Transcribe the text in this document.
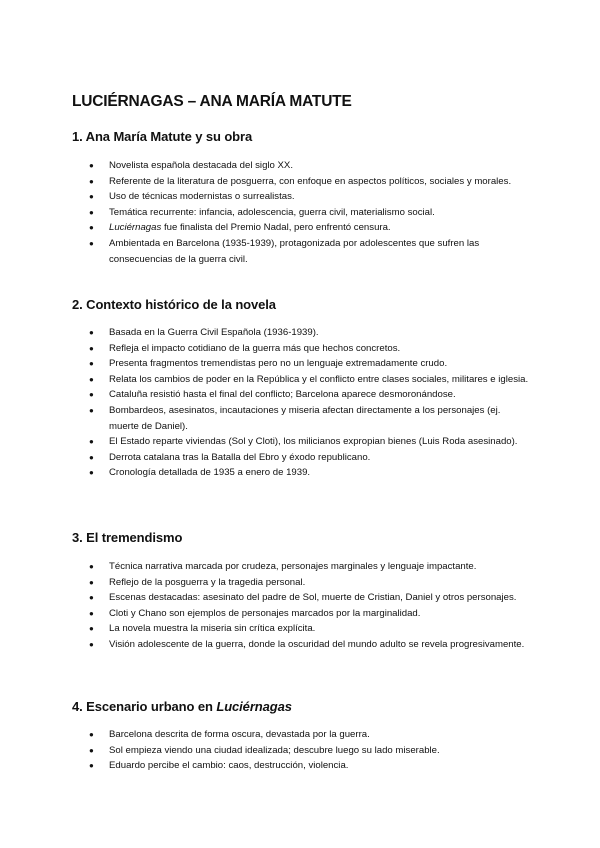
LUCIÉRNAGAS – ANA MARÍA MATUTE
1. Ana María Matute y su obra
● Novelista española destacada del siglo XX.
● Referente de la literatura de posguerra, con enfoque en aspectos políticos, sociales y morales.
● Uso de técnicas modernistas o surrealistas.
● Temática recurrente: infancia, adolescencia, guerra civil, materialismo social.
● Luciérnagas fue finalista del Premio Nadal, pero enfrentó censura.
● Ambientada en Barcelona (1935-1939), protagonizada por adolescentes que sufren las consecuencias de la guerra civil.
2. Contexto histórico de la novela
● Basada en la Guerra Civil Española (1936-1939).
● Refleja el impacto cotidiano de la guerra más que hechos concretos.
● Presenta fragmentos tremendistas pero no un lenguaje extremadamente crudo.
● Relata los cambios de poder en la República y el conflicto entre clases sociales, militares e iglesia.
● Cataluña resistió hasta el final del conflicto; Barcelona aparece desmoronándose.
● Bombardeos, asesinatos, incautaciones y miseria afectan directamente a los personajes (ej. muerte de Daniel).
● El Estado reparte viviendas (Sol y Cloti), los milicianos expropian bienes (Luis Roda asesinado).
● Derrota catalana tras la Batalla del Ebro y éxodo republicano.
● Cronología detallada de 1935 a enero de 1939.
3. El tremendismo
● Técnica narrativa marcada por crudeza, personajes marginales y lenguaje impactante.
● Reflejo de la posguerra y la tragedia personal.
● Escenas destacadas: asesinato del padre de Sol, muerte de Cristian, Daniel y otros personajes.
● Cloti y Chano son ejemplos de personajes marcados por la marginalidad.
● La novela muestra la miseria sin crítica explícita.
● Visión adolescente de la guerra, donde la oscuridad del mundo adulto se revela progresivamente.
4. Escenario urbano en Luciérnagas
● Barcelona descrita de forma oscura, devastada por la guerra.
● Sol empieza viendo una ciudad idealizada; descubre luego su lado miserable.
● Eduardo percibe el cambio: caos, destrucción, violencia.
